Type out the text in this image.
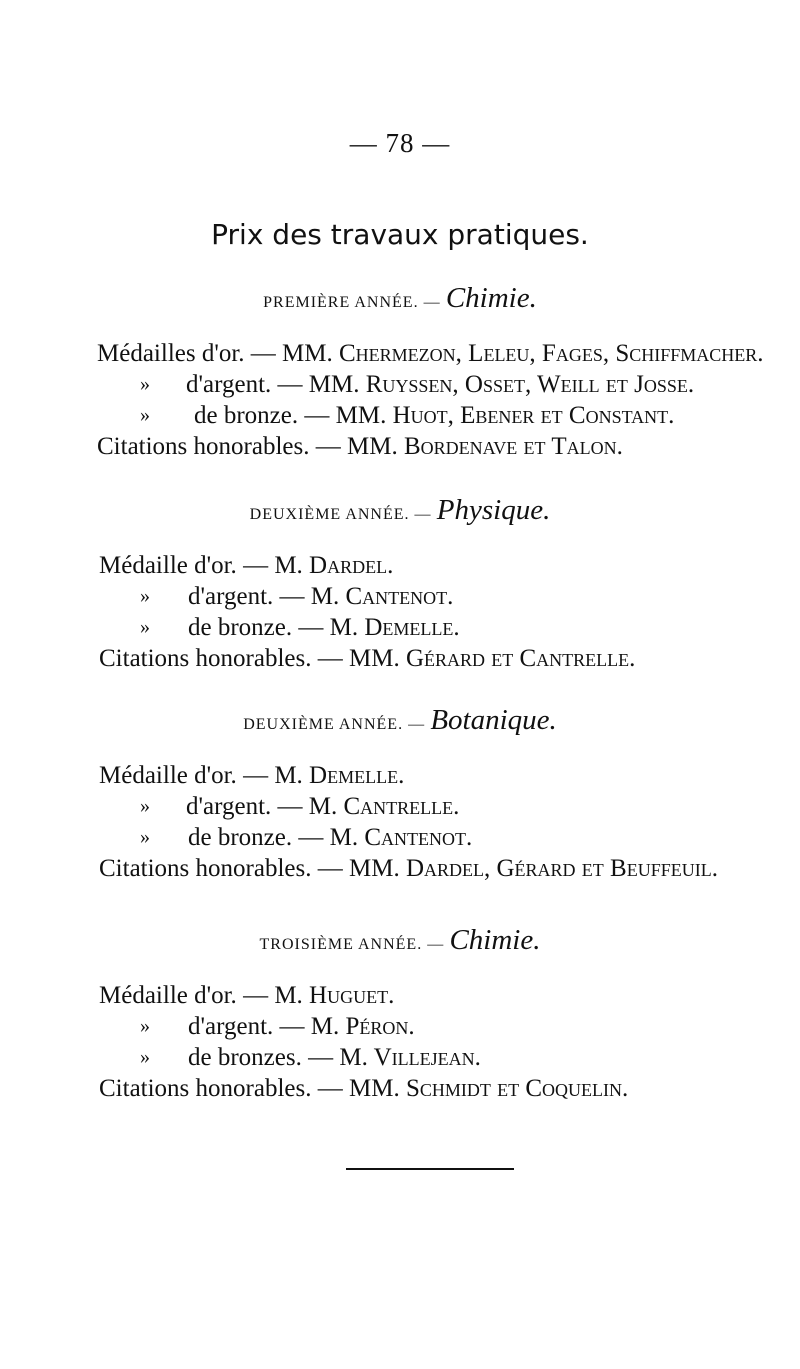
— 78 —
Prix des travaux pratiques.
PREMIÈRE ANNÉE. — Chimie.
Médailles d'or. — MM. Chermezon, Leleu, Fages, Schiffmacher.
» d'argent. — MM. Ruyssen, Osset, Weill et Josse.
» de bronze. — MM. Huot, Ebener et Constant.
Citations honorables. — MM. Bordenave et Talon.
DEUXIÈME ANNÉE. — Physique.
Médaille d'or. — M. Dardel.
» d'argent. — M. Cantenot.
» de bronze. — M. Demelle.
Citations honorables. — MM. Gérard et Cantrelle.
DEUXIÈME ANNÉE. — Botanique.
Médaille d'or. — M. Demelle.
» d'argent. — M. Cantrelle.
» de bronze. — M. Cantenot.
Citations honorables. — MM. Dardel, Gérard et Beuffeuil.
TROISIÈME ANNÉE. — Chimie.
Médaille d'or. — M. Huguet.
» d'argent. — M. Péron.
» de bronzes. — M. Villejean.
Citations honorables. — MM. Schmidt et Coquelin.
